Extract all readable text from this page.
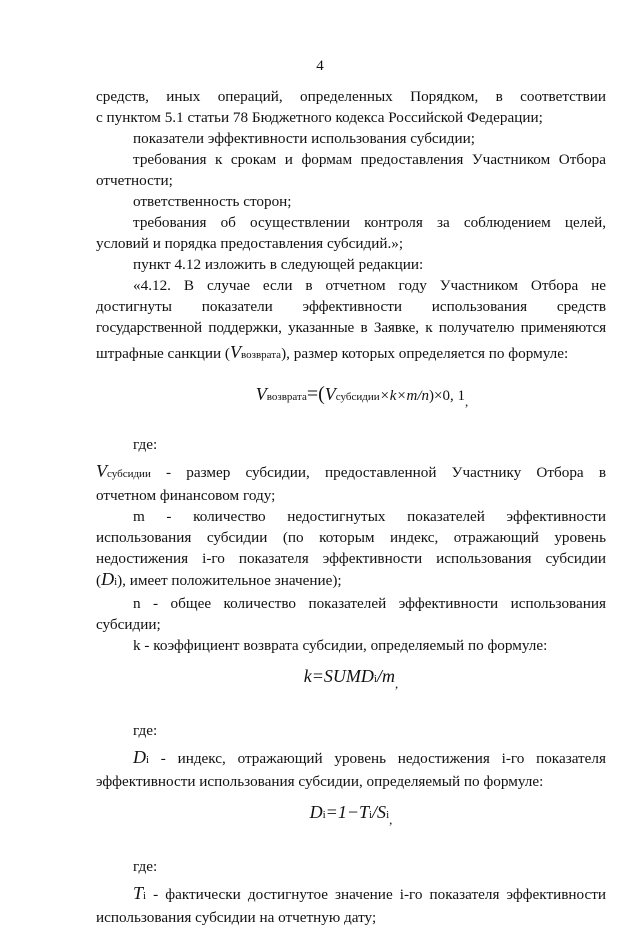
4

средств, иных операций, определенных Порядком, в соответствии

с пунктом 5.1 статьи 78 Бюджетного кодекса Российской Федерации;

показатели эффективности использования субсидии;

требования к срокам и формам предоставления Участником Отбора

отчетности;

ответственность сторон;

требования об осуществлении контроля за соблюдением целей,

условий и порядка предоставления субсидий.»;

пункт 4.12 изложить в следующей редакции:

«4.12. В случае если в отчетном году Участником Отбора не

достигнуты показатели эффективности использования средств

государственной поддержки, указанные в Заявке, к получателю применяются

штрафные санкции (Vвозврата), размер которых определяется по формуле:

Vвозврата=(Vсубсидии×k×m/n)×0, 1,

где:

Vсубсидии - размер субсидии, предоставленной Участнику Отбора в

отчетном финансовом году;

m - количество недостигнутых показателей эффективности

использования субсидии (по которым индекс, отражающий уровень

недостижения i-го показателя эффективности использования субсидии

(Di), имеет положительное значение);

n - общее количество показателей эффективности использования

субсидии;

k - коэффициент возврата субсидии, определяемый по формуле:

k=SUMDi/m,

где:

Di - индекс, отражающий уровень недостижения i-го показателя

эффективности использования субсидии, определяемый по формуле:

Di=1−Ti/Si,

где:

Ti - фактически достигнутое значение i-го показателя эффективности

использования субсидии на отчетную дату;
